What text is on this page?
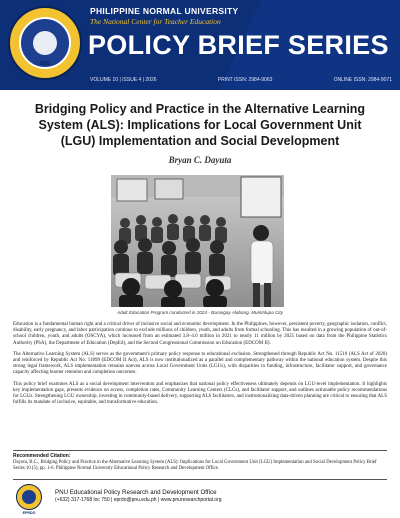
1901
PHILIPPINE NORMAL UNIVERSITY
The National Center for Teacher Education
POLICY BRIEF SERIES
VOLUME 10 | ISSUE 4 | 2026	PRINT ISSN: 2984-9063	ONLINE ISSN: 2984-9071
Bridging Policy and Practice in the Alternative Learning System (ALS): Implications for Local Government Unit (LGU) Implementation and Social Development
Bryan C. Dayuta
Adult Education Program conducted in 2024 - Barangay Alabang, Muntinlupa City

Education is a fundamental human right and a critical driver of inclusive social and economic development. In the Philippines, however, persistent poverty, geographic isolation, conflict, disability, early pregnancy, and labor participation continue to exclude millions of children, youth, and adults from formal schooling. This has resulted in a growing population of out-of-school children, youth, and adults (OSCYA), which increased from an estimated 3.8–4.0 million in 2021 to nearly 11 million by 2025 based on data from the Philippine Statistics Authority (PSA), the Department of Education (DepEd), and the Second Congressional Commission on Education (EDCOM II).

The Alternative Learning System (ALS) serves as the government's primary policy response to educational exclusion. Strengthened through Republic Act No. 11510 (ALS Act of 2020) and reinforced by Republic Act No. 11899 (EDCOM II Act), ALS is now institutionalized as a parallel and complementary pathway within the national education system. Despite this strong legal framework, ALS implementation remains uneven across Local Government Units (LGUs), with disparities in funding, infrastructure, facilitator support, and governance capacity affecting learner retention and completion outcomes.

This policy brief examines ALS as a social development intervention and emphasizes that national policy effectiveness ultimately depends on LGU-level implementation. It highlights key implementation gaps, presents evidence on access, completion rates, Community Learning Centers (CLCs), and facilitator support, and outlines actionable policy recommendations for LGUs. Strengthening LGU ownership, investing in community-based delivery, supporting ALS facilitators, and institutionalizing data-driven planning are critical to ensuring that ALS fulfills its mandate of inclusive, equitable, and transformative education.

Recommended Citation:
Dayuta, B.C., Bridging Policy and Practice in the Alternative Learning System (ALS): Implications for Local Government Unit (LGU) Implementation and Social Development Policy Brief Series 10 (5), pp. 1-6. Philippine Normal University Educational Policy Research and Development Office.
EPRDO
PNU Educational Policy Research and Development Office
(+632) 317-1768 loc 750 | eprdo@pnu.edu.ph | www.pnuresearchportal.org
